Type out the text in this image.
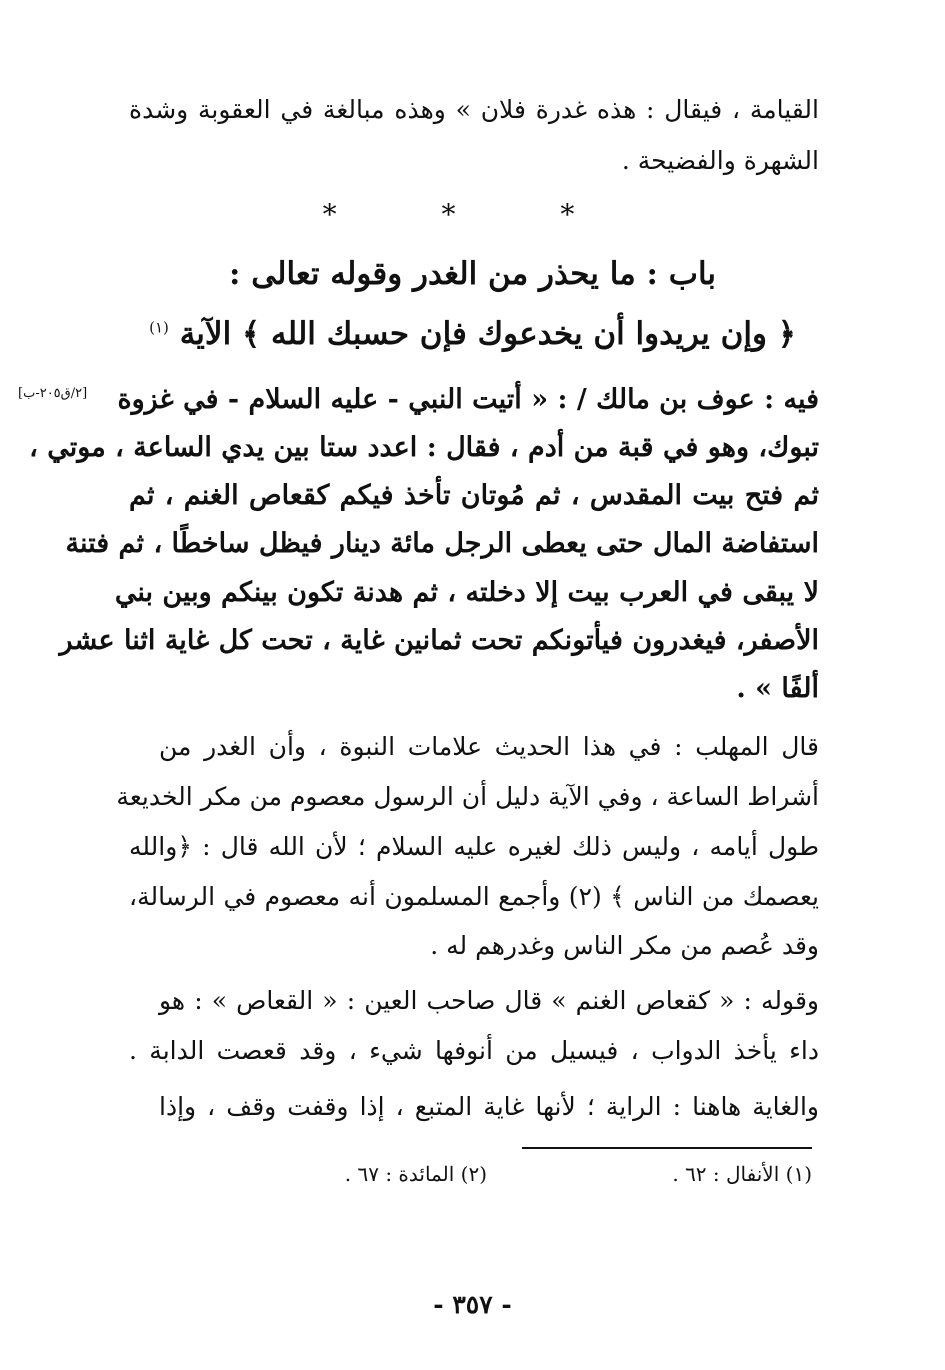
القيامة ، فيقال : هذه غدرة فلان » وهذه مبالغة في العقوبة وشدة
الشهرة والفضيحة .
* * *
باب : ما يحذر من الغدر وقوله تعالى :
﴿ وإن يريدوا أن يخدعوك فإن حسبك الله ﴾ الآية $^{(١)}$
[٢/ق٢٠٥-ب] فيه : عوف بن مالك / : « أتيت النبي - عليه السلام - في غزوة
تبوك، وهو في قبة من أدم ، فقال : اعدد ستا بين يدي الساعة ، موتي ،
ثم فتح بيت المقدس ، ثم مُوتان تأخذ فيكم كقعاص الغنم ، ثم
استفاضة المال حتى يعطى الرجل مائة دينار فيظل ساخطًا ، ثم فتنة
لا يبقى في العرب بيت إلا دخلته ، ثم هدنة تكون بينكم وبين بني
الأصفر، فيغدرون فيأتونكم تحت ثمانين غاية ، تحت كل غاية اثنا عشر
ألفًا » .
قال المهلب : في هذا الحديث علامات النبوة ، وأن الغدر من
أشراط الساعة ، وفي الآية دليل أن الرسول معصوم من مكر الخديعة
طول أيامه ، وليس ذلك لغيره عليه السلام ؛ لأن الله قال : ﴿والله
يعصمك من الناس ﴾ (٢) وأجمع المسلمون أنه معصوم في الرسالة،
وقد عُصم من مكر الناس وغدرهم له .
وقوله : « كقعاص الغنم » قال صاحب العين : « القعاص » : هو
داء يأخذ الدواب ، فيسيل من أنوفها شيء ، وقد قعصت الدابة .
والغاية هاهنا : الراية ؛ لأنها غاية المتبع ، إذا وقفت وقف ، وإذا
(١) الأنفال : ٦٢ .
(٢) المائدة : ٦٧ .
- ٣٥٧ -
